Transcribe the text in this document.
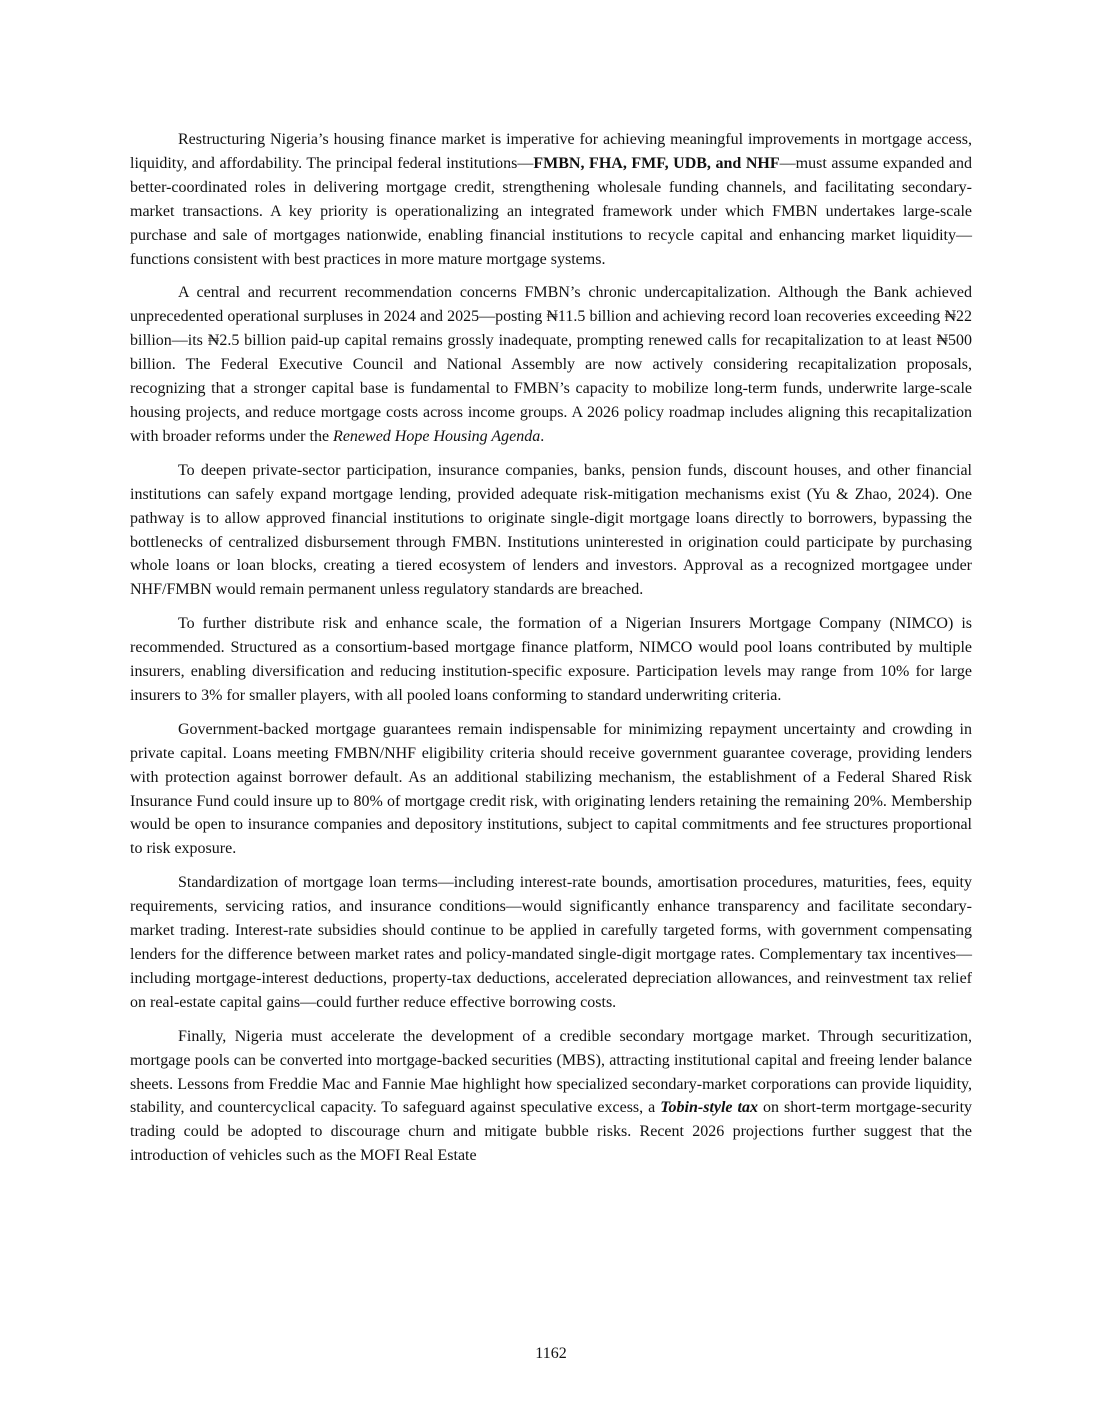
Restructuring Nigeria’s housing finance market is imperative for achieving meaningful improvements in mortgage access, liquidity, and affordability. The principal federal institutions—FMBN, FHA, FMF, UDB, and NHF—must assume expanded and better-coordinated roles in delivering mortgage credit, strengthening wholesale funding channels, and facilitating secondary-market transactions. A key priority is operationalizing an integrated framework under which FMBN undertakes large-scale purchase and sale of mortgages nationwide, enabling financial institutions to recycle capital and enhancing market liquidity—functions consistent with best practices in more mature mortgage systems.

A central and recurrent recommendation concerns FMBN’s chronic undercapitalization. Although the Bank achieved unprecedented operational surpluses in 2024 and 2025—posting ₦11.5 billion and achieving record loan recoveries exceeding ₦22 billion—its ₦2.5 billion paid-up capital remains grossly inadequate, prompting renewed calls for recapitalization to at least ₦500 billion. The Federal Executive Council and National Assembly are now actively considering recapitalization proposals, recognizing that a stronger capital base is fundamental to FMBN’s capacity to mobilize long-term funds, underwrite large-scale housing projects, and reduce mortgage costs across income groups. A 2026 policy roadmap includes aligning this recapitalization with broader reforms under the Renewed Hope Housing Agenda.

To deepen private-sector participation, insurance companies, banks, pension funds, discount houses, and other financial institutions can safely expand mortgage lending, provided adequate risk-mitigation mechanisms exist (Yu & Zhao, 2024). One pathway is to allow approved financial institutions to originate single-digit mortgage loans directly to borrowers, bypassing the bottlenecks of centralized disbursement through FMBN. Institutions uninterested in origination could participate by purchasing whole loans or loan blocks, creating a tiered ecosystem of lenders and investors. Approval as a recognized mortgagee under NHF/FMBN would remain permanent unless regulatory standards are breached.

To further distribute risk and enhance scale, the formation of a Nigerian Insurers Mortgage Company (NIMCO) is recommended. Structured as a consortium-based mortgage finance platform, NIMCO would pool loans contributed by multiple insurers, enabling diversification and reducing institution-specific exposure. Participation levels may range from 10% for large insurers to 3% for smaller players, with all pooled loans conforming to standard underwriting criteria.

Government-backed mortgage guarantees remain indispensable for minimizing repayment uncertainty and crowding in private capital. Loans meeting FMBN/NHF eligibility criteria should receive government guarantee coverage, providing lenders with protection against borrower default. As an additional stabilizing mechanism, the establishment of a Federal Shared Risk Insurance Fund could insure up to 80% of mortgage credit risk, with originating lenders retaining the remaining 20%. Membership would be open to insurance companies and depository institutions, subject to capital commitments and fee structures proportional to risk exposure.

Standardization of mortgage loan terms—including interest-rate bounds, amortisation procedures, maturities, fees, equity requirements, servicing ratios, and insurance conditions—would significantly enhance transparency and facilitate secondary-market trading. Interest-rate subsidies should continue to be applied in carefully targeted forms, with government compensating lenders for the difference between market rates and policy-mandated single-digit mortgage rates. Complementary tax incentives—including mortgage-interest deductions, property-tax deductions, accelerated depreciation allowances, and reinvestment tax relief on real-estate capital gains—could further reduce effective borrowing costs.

Finally, Nigeria must accelerate the development of a credible secondary mortgage market. Through securitization, mortgage pools can be converted into mortgage-backed securities (MBS), attracting institutional capital and freeing lender balance sheets. Lessons from Freddie Mac and Fannie Mae highlight how specialized secondary-market corporations can provide liquidity, stability, and countercyclical capacity. To safeguard against speculative excess, a Tobin-style tax on short-term mortgage-security trading could be adopted to discourage churn and mitigate bubble risks. Recent 2026 projections further suggest that the introduction of vehicles such as the MOFI Real Estate

1162
